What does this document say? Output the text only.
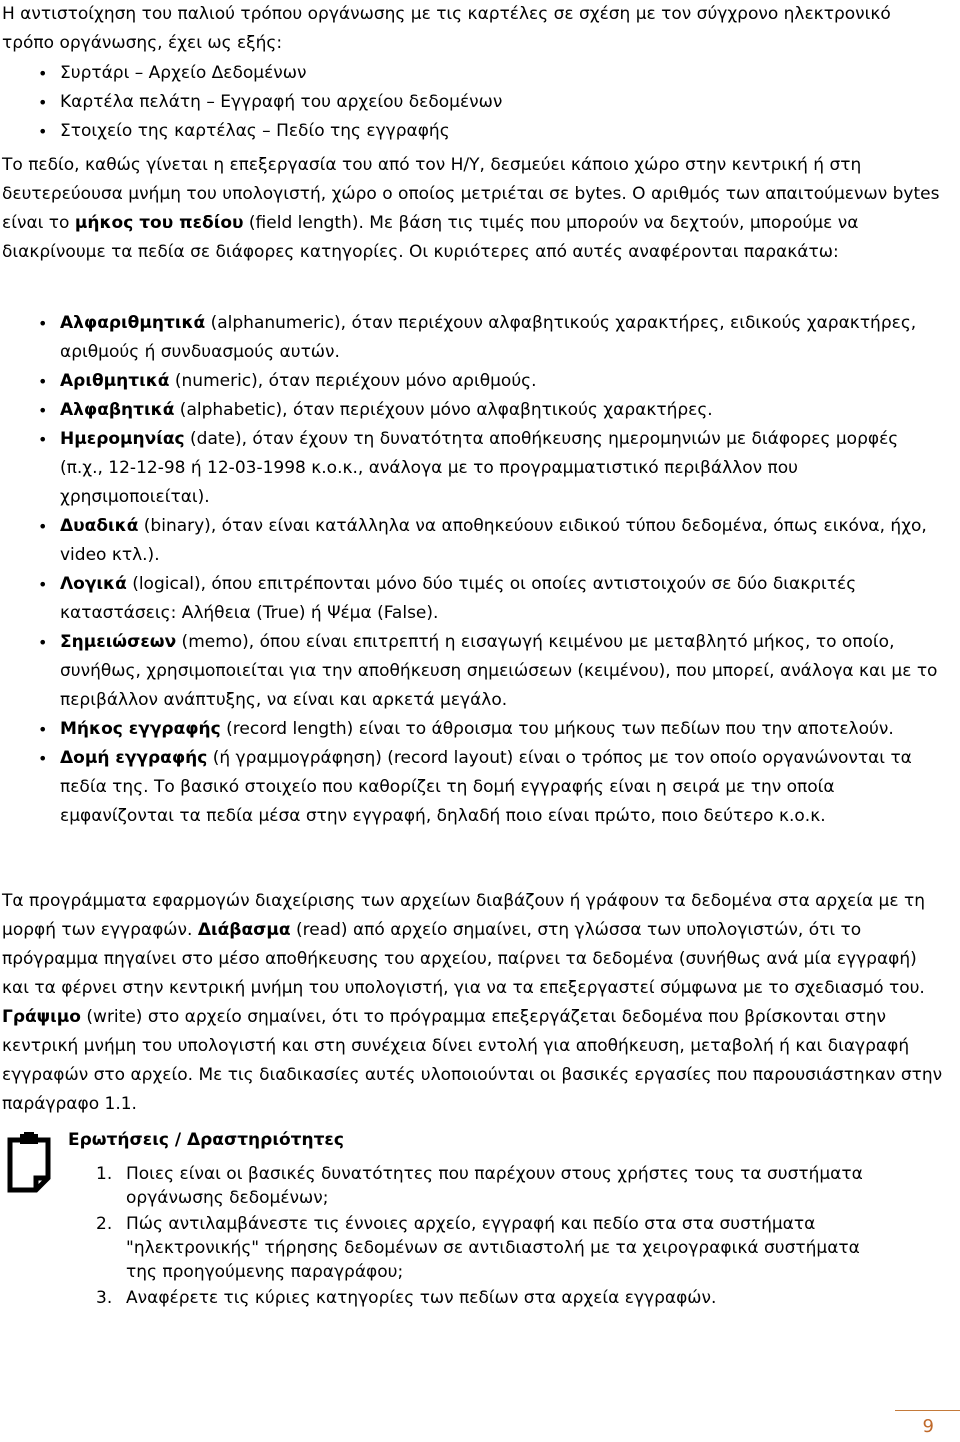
Η αντιστοίχηση του παλιού τρόπου οργάνωσης με τις καρτέλες σε σχέση με τον σύγχρονο ηλεκτρονικό τρόπο οργάνωσης, έχει ως εξής:

• Συρτάρι – Αρχείο Δεδομένων
• Καρτέλα πελάτη – Εγγραφή του αρχείου δεδομένων
• Στοιχείο της καρτέλας – Πεδίο της εγγραφής

Το πεδίο, καθώς γίνεται η επεξεργασία του από τον Η/Υ, δεσμεύει κάποιο χώρο στην κεντρική ή στη δευτερεύουσα μνήμη του υπολογιστή, χώρο ο οποίος μετριέται σε bytes. Ο αριθμός των απαιτούμενων bytes είναι το μήκος του πεδίου (field length). Με βάση τις τιμές που μπορούν να δεχτούν, μπορούμε να διακρίνουμε τα πεδία σε διάφορες κατηγορίες. Οι κυριότερες από αυτές αναφέρονται παρακάτω:

• Αλφαριθμητικά (alphanumeric), όταν περιέχουν αλφαβητικούς χαρακτήρες, ειδικούς χαρακτήρες, αριθμούς ή συνδυασμούς αυτών.
• Αριθμητικά (numeric), όταν περιέχουν μόνο αριθμούς.
• Αλφαβητικά (alphabetic), όταν περιέχουν μόνο αλφαβητικούς χαρακτήρες.
• Ημερομηνίας (date), όταν έχουν τη δυνατότητα αποθήκευσης ημερομηνιών με διάφορες μορφές (π.χ., 12-12-98 ή 12-03-1998 κ.ο.κ., ανάλογα με το προγραμματιστικό περιβάλλον που χρησιμοποιείται).
• Δυαδικά (binary), όταν είναι κατάλληλα να αποθηκεύουν ειδικού τύπου δεδομένα, όπως εικόνα, ήχο, video κτλ.).
• Λογικά (logical), όπου επιτρέπονται μόνο δύο τιμές οι οποίες αντιστοιχούν σε δύο διακριτές καταστάσεις: Αλήθεια (True) ή Ψέμα (False).
• Σημειώσεων (memo), όπου είναι επιτρεπτή η εισαγωγή κειμένου με μεταβλητό μήκος, το οποίο, συνήθως, χρησιμοποιείται για την αποθήκευση σημειώσεων (κειμένου), που μπορεί, ανάλογα και με το περιβάλλον ανάπτυξης, να είναι και αρκετά μεγάλο.
• Μήκος εγγραφής (record length) είναι το άθροισμα του μήκους των πεδίων που την αποτελούν.
• Δομή εγγραφής (ή γραμμογράφηση) (record layout) είναι ο τρόπος με τον οποίο οργανώνονται τα πεδία της. Το βασικό στοιχείο που καθορίζει τη δομή εγγραφής είναι η σειρά με την οποία εμφανίζονται τα πεδία μέσα στην εγγραφή, δηλαδή ποιο είναι πρώτο, ποιο δεύτερο κ.ο.κ.

Τα προγράμματα εφαρμογών διαχείρισης των αρχείων διαβάζουν ή γράφουν τα δεδομένα στα αρχεία με τη μορφή των εγγραφών. Διάβασμα (read) από αρχείο σημαίνει, στη γλώσσα των υπολογιστών, ότι το πρόγραμμα πηγαίνει στο μέσο αποθήκευσης του αρχείου, παίρνει τα δεδομένα (συνήθως ανά μία εγγραφή) και τα φέρνει στην κεντρική μνήμη του υπολογιστή, για να τα επεξεργαστεί σύμφωνα με το σχεδιασμό του. Γράψιμο (write) στο αρχείο σημαίνει, ότι το πρόγραμμα επεξεργάζεται δεδομένα που βρίσκονται στην κεντρική μνήμη του υπολογιστή και στη συνέχεια δίνει εντολή για αποθήκευση, μεταβολή ή και διαγραφή εγγραφών στο αρχείο. Με τις διαδικασίες αυτές υλοποιούνται οι βασικές εργασίες που παρουσιάστηκαν στην παράγραφο 1.1.

Ερωτήσεις / Δραστηριότητες

1. Ποιες είναι οι βασικές δυνατότητες που παρέχουν στους χρήστες τους τα συστήματα οργάνωσης δεδομένων;
2. Πώς αντιλαμβάνεστε τις έννοιες αρχείο, εγγραφή και πεδίο στα στα συστήματα "ηλεκτρονικής" τήρησης δεδομένων σε αντιδιαστολή με τα χειρογραφικά συστήματα της προηγούμενης παραγράφου;
3. Αναφέρετε τις κύριες κατηγορίες των πεδίων στα αρχεία εγγραφών.
9
